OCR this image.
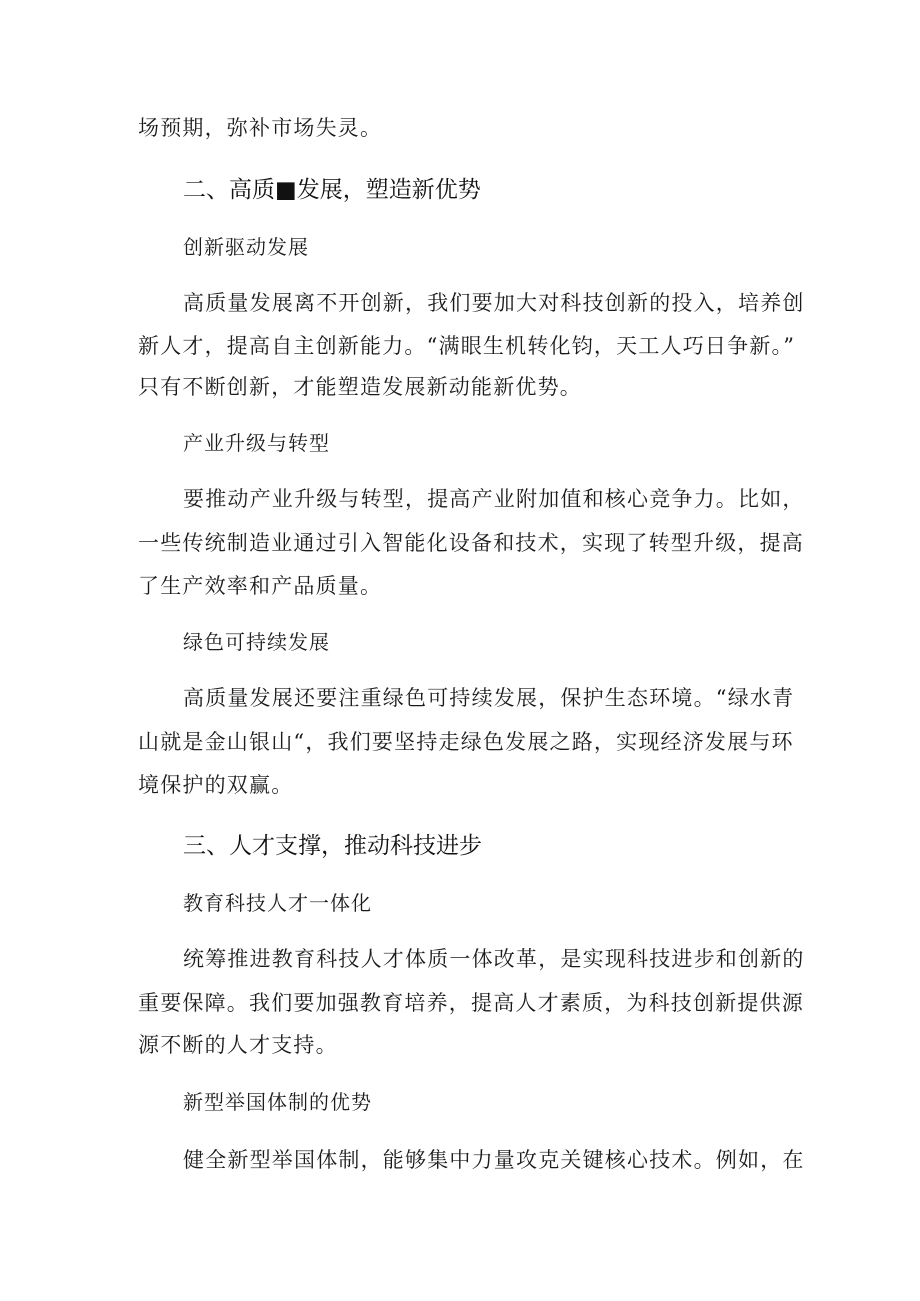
场预期，弥补市场失灵。
二、高质■发展，塑造新优势
创新驱动发展
高质量发展离不开创新，我们要加大对科技创新的投入，培养创
新人才，提高自主创新能力。“满眼生机转化钧，天工人巧日争新。”
只有不断创新，才能塑造发展新动能新优势。
产业升级与转型
要推动产业升级与转型，提高产业附加值和核心竞争力。比如，
一些传统制造业通过引入智能化设备和技术，实现了转型升级，提高
了生产效率和产品质量。
绿色可持续发展
高质量发展还要注重绿色可持续发展，保护生态环境。“绿水青
山就是金山银山“，我们要坚持走绿色发展之路，实现经济发展与环
境保护的双赢。
三、人才支撑，推动科技进步
教育科技人才一体化
统筹推进教育科技人才体质一体改革，是实现科技进步和创新的
重要保障。我们要加强教育培养，提高人才素质，为科技创新提供源
源不断的人才支持。
新型举国体制的优势
健全新型举国体制，能够集中力量攻克关键核心技术。例如，在
